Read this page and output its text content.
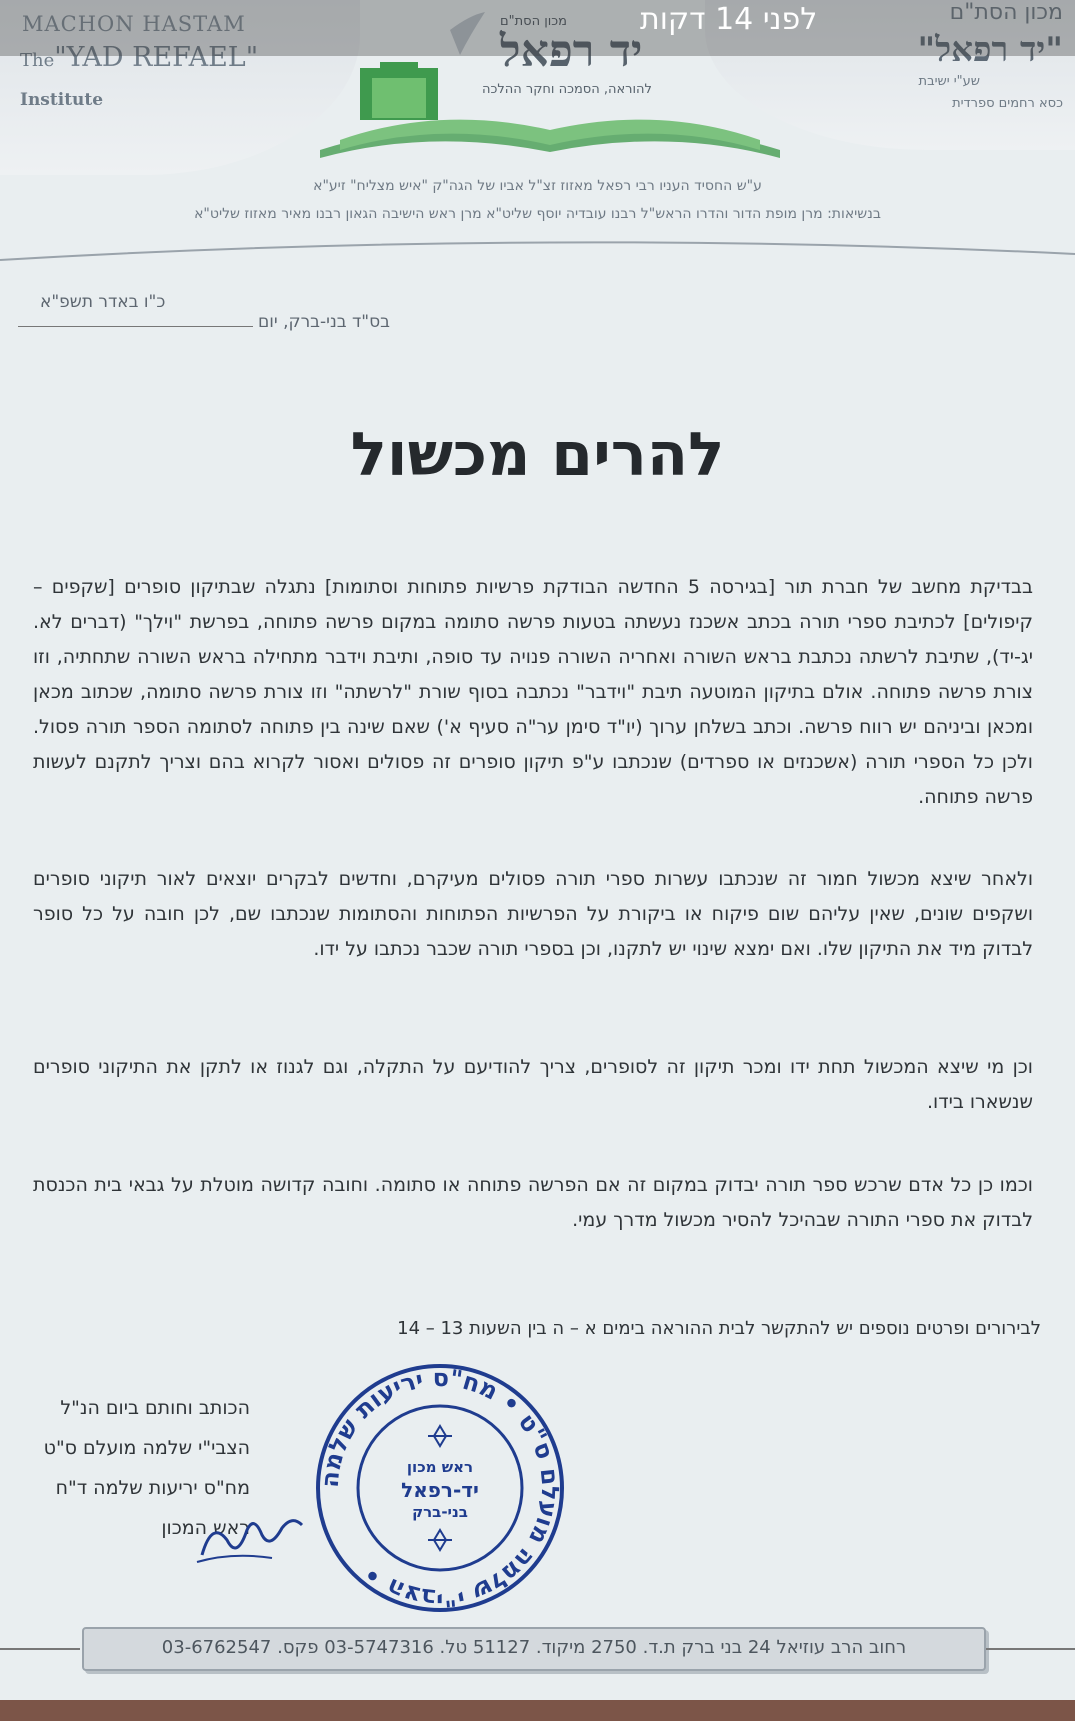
MACHON HASTAM
The"YAD REFAEL"
Institute
מכון הסת"ם
"יד רפאל"
שע"י ישיבת
כסא רחמים ספרדית
מכון הסת"ם
יד רפאל
להוראה, הסמכה וחקר ההלכה
ע"ש החסיד העניו רבי רפאל מאזוז זצ"ל אביו של הגה"ק "איש מצליח" זיע"א
בנשיאות: מרן מופת הדור והדרו הראש"ל רבנו עובדיה יוסף שליט"א מרן ראש הישיבה הגאון רבנו מאיר מאזוז שליט"א
לפני 14 דקות
כ"ו באדר תשפ"א
בס"ד בני-ברק, יום
להרים מכשול
בבדיקת מחשב של חברת תור [בגירסה 5 החדשה הבודקת פרשיות פתוחות וסתומות] נתגלה שבתיקון סופרים [שקפים – קיפולים] לכתיבת ספרי תורה בכתב אשכנז נעשתה בטעות פרשה סתומה במקום פרשה פתוחה, בפרשת "וילך" (דברים לא. יג-יד), שתיבת לרשתה נכתבת בראש השורה ואחריה השורה פנויה עד סופה, ותיבת וידבר מתחילה בראש השורה שתחתיה, וזו צורת פרשה פתוחה. אולם בתיקון המוטעה תיבת "וידבר" נכתבה בסוף שורת "לרשתה" וזו צורת פרשה סתומה, שכתוב מכאן ומכאן וביניהם יש רווח פרשה. וכתב בשלחן ערוך (יו"ד סימן ער"ה סעיף א') שאם שינה בין פתוחה לסתומה הספר תורה פסול. ולכן כל הספרי תורה (אשכנזים או ספרדים) שנכתבו ע"פ תיקון סופרים זה פסולים ואסור לקרוא בהם וצריך לתקנם לעשות פרשה פתוחה.
ולאחר שיצא מכשול חמור זה שנכתבו עשרות ספרי תורה פסולים מעיקרם, וחדשים לבקרים יוצאים לאור תיקוני סופרים ושקפים שונים, שאין עליהם שום פיקוח או ביקורת על הפרשיות הפתוחות והסתומות שנכתבו שם, לכן חובה על כל סופר לבדוק מיד את התיקון שלו. ואם ימצא שינוי יש לתקנו, וכן בספרי תורה שכבר נכתבו על ידו.
וכן מי שיצא המכשול תחת ידו ומכר תיקון זה לסופרים, צריך להודיעם על התקלה, וגם לגנוז או לתקן את התיקוני סופרים שנשארו בידו.
וכמו כן כל אדם שרכש ספר תורה יבדוק במקום זה אם הפרשה פתוחה או סתומה. וחובה קדושה מוטלת על גבאי בית הכנסת לבדוק את ספרי התורה שבהיכל להסיר מכשול מדרך עמי.
לבירורים ופרטים נוספים יש להתקשר לבית ההוראה בימים א – ה בין השעות 13 – 14
הכותב וחותם ביום הנ"ל
הצבי"י שלמה מועלם ס"ט
מח"ס יריעות שלמה ד"ח
ראש המכון
הצבי"י שלמה מועלם ס"ט • מח"ס יריעות שלמה •
ראש מכון
יד-רפאל
בני-ברק
רחוב הרב עוזיאל 24 בני ברק ת.ד. 2750 מיקוד. 51127 טל. 03-5747316 פקס. 03-6762547
